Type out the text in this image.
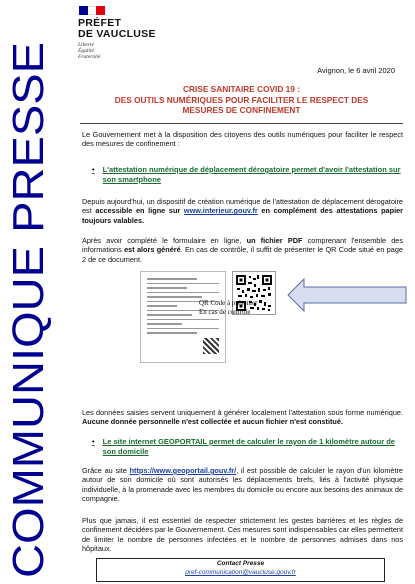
COMMUNIQUE PRESSE
PRÉFET
DE VAUCLUSE
Liberté
Égalité
Fraternité
Avignon, le 6 avril 2020
CRISE SANITAIRE COVID 19 :
DES OUTILS NUMÉRIQUES POUR FACILITER LE RESPECT DES
MESURES DE CONFINEMENT
Le Gouvernement met à la disposition des citoyens des outils numériques pour faciliter le respect des mesures de confinement :
• L'attestation numérique de déplacement dérogatoire permet d'avoir l'attestation sur son smartphone
Depuis aujourd'hui, un dispositif de création numérique de l'attestation de déplacement dérogatoire est accessible en ligne sur www.interieur.gouv.fr en complément des attestations papier toujours valables.
Après avoir complété le formulaire en ligne, un fichier PDF comprenant l'ensemble des informations est alors généré. En cas de contrôle, il suffit de présenter le QR Code situé en page 2 de ce document.
QR Code à présenter
En cas de contrôle
Les données saisies servent uniquement à générer localement l'attestation sous forme numérique. Aucune donnée personnelle n'est collectée et aucun fichier n'est constitué.
• Le site internet GEOPORTAIL permet de calculer le rayon de 1 kilomètre autour de son domicile
Grâce au site https://www.geoportail.gouv.fr/, il est possible de calculer le rayon d'un kilomètre autour de son domicile où sont autorisés les déplacements brefs, liés à l'activité physique individuelle, à la promenade avec les membres du domicile ou encore aux besoins des animaux de compagnie.
Plus que jamais, il est essentiel de respecter strictement les gestes barrières et les règles de confinement décidées par le Gouvernement. Ces mesures sont indispensables car elles permettent de limiter le nombre de personnes infectées et le nombre de personnes admises dans nos hôpitaux.
Contact Presse
pref-communication@vaucluse.gouv.fr
